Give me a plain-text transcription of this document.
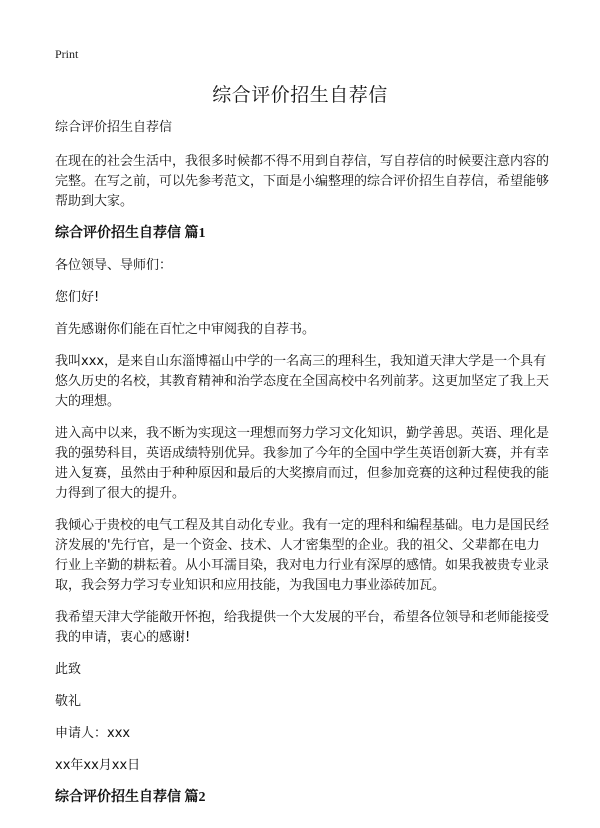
Print
综合评价招生自荐信

综合评价招生自荐信

在现在的社会生活中，我很多时候都不得不用到自荐信，写自荐信的时候要注意内容的完整。在写之前，可以先参考范文，下面是小编整理的综合评价招生自荐信，希望能够帮助到大家。

综合评价招生自荐信 篇1

各位领导、导师们：

您们好!

首先感谢你们能在百忙之中审阅我的自荐书。

我叫xxx，是来自山东淄博福山中学的一名高三的理科生，我知道天津大学是一个具有悠久历史的名校，其教育精神和治学态度在全国高校中名列前茅。这更加坚定了我上天大的理想。

进入高中以来，我不断为实现这一理想而努力学习文化知识，勤学善思。英语、理化是我的强势科目，英语成绩特别优异。我参加了今年的全国中学生英语创新大赛，并有幸进入复赛，虽然由于种种原因和最后的大奖擦肩而过，但参加竞赛的这种过程使我的能力得到了很大的提升。

我倾心于贵校的电气工程及其自动化专业。我有一定的理科和编程基础。电力是国民经济发展的'先行官，是一个资金、技术、人才密集型的企业。我的祖父、父辈都在电力行业上辛勤的耕耘着。从小耳濡目染，我对电力行业有深厚的感情。如果我被贵专业录取，我会努力学习专业知识和应用技能，为我国电力事业添砖加瓦。

我希望天津大学能敞开怀抱，给我提供一个大发展的平台，希望各位领导和老师能接受我的申请，衷心的感谢!

此致

敬礼

申请人：xxx

xx年xx月xx日

综合评价招生自荐信 篇2
